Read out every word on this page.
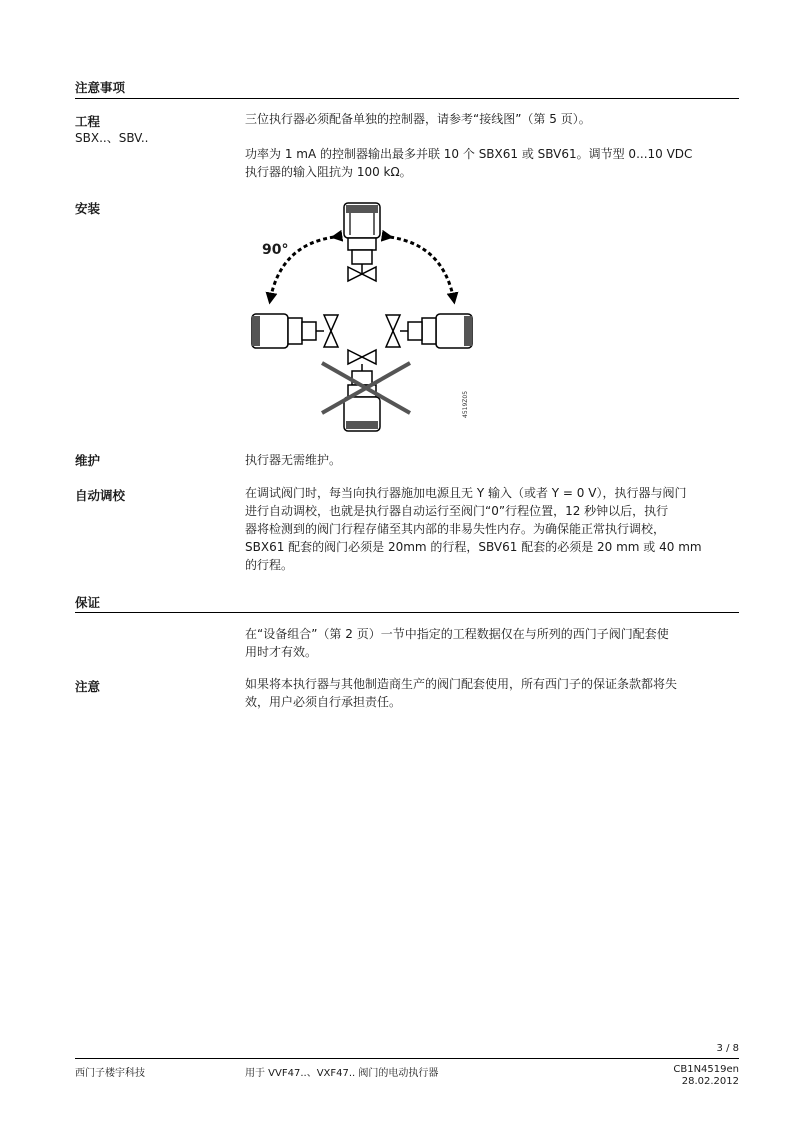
注意事项
工程
SBX..、SBV..
三位执行器必须配备单独的控制器，请参考“接线图”（第 5 页）。
功率为 1 mA 的控制器输出最多并联 10 个 SBX61 或 SBV61。调节型 0...10 VDC
执行器的输入阻抗为 100 kΩ。
安装
90°
4519Z05
维护	执行器无需维护。
自动调校	在调试阀门时，每当向执行器施加电源且无 Y 输入（或者 Y = 0 V），执行器与阀门
进行自动调校，也就是执行器自动运行至阀门“0”行程位置，12 秒钟以后，执行
器将检测到的阀门行程存储至其内部的非易失性内存。为确保能正常执行调校，
SBX61 配套的阀门必须是 20mm 的行程，SBV61 配套的必须是 20 mm 或 40 mm
的行程。
保证
在“设备组合”（第 2 页）一节中指定的工程数据仅在与所列的西门子阀门配套使
用时才有效。
注意	如果将本执行器与其他制造商生产的阀门配套使用，所有西门子的保证条款都将失
效，用户必须自行承担责任。
3 / 8
西门子楼宇科技	用于 VVF47..、VXF47.. 阀门的电动执行器	CB1N4519en
28.02.2012
